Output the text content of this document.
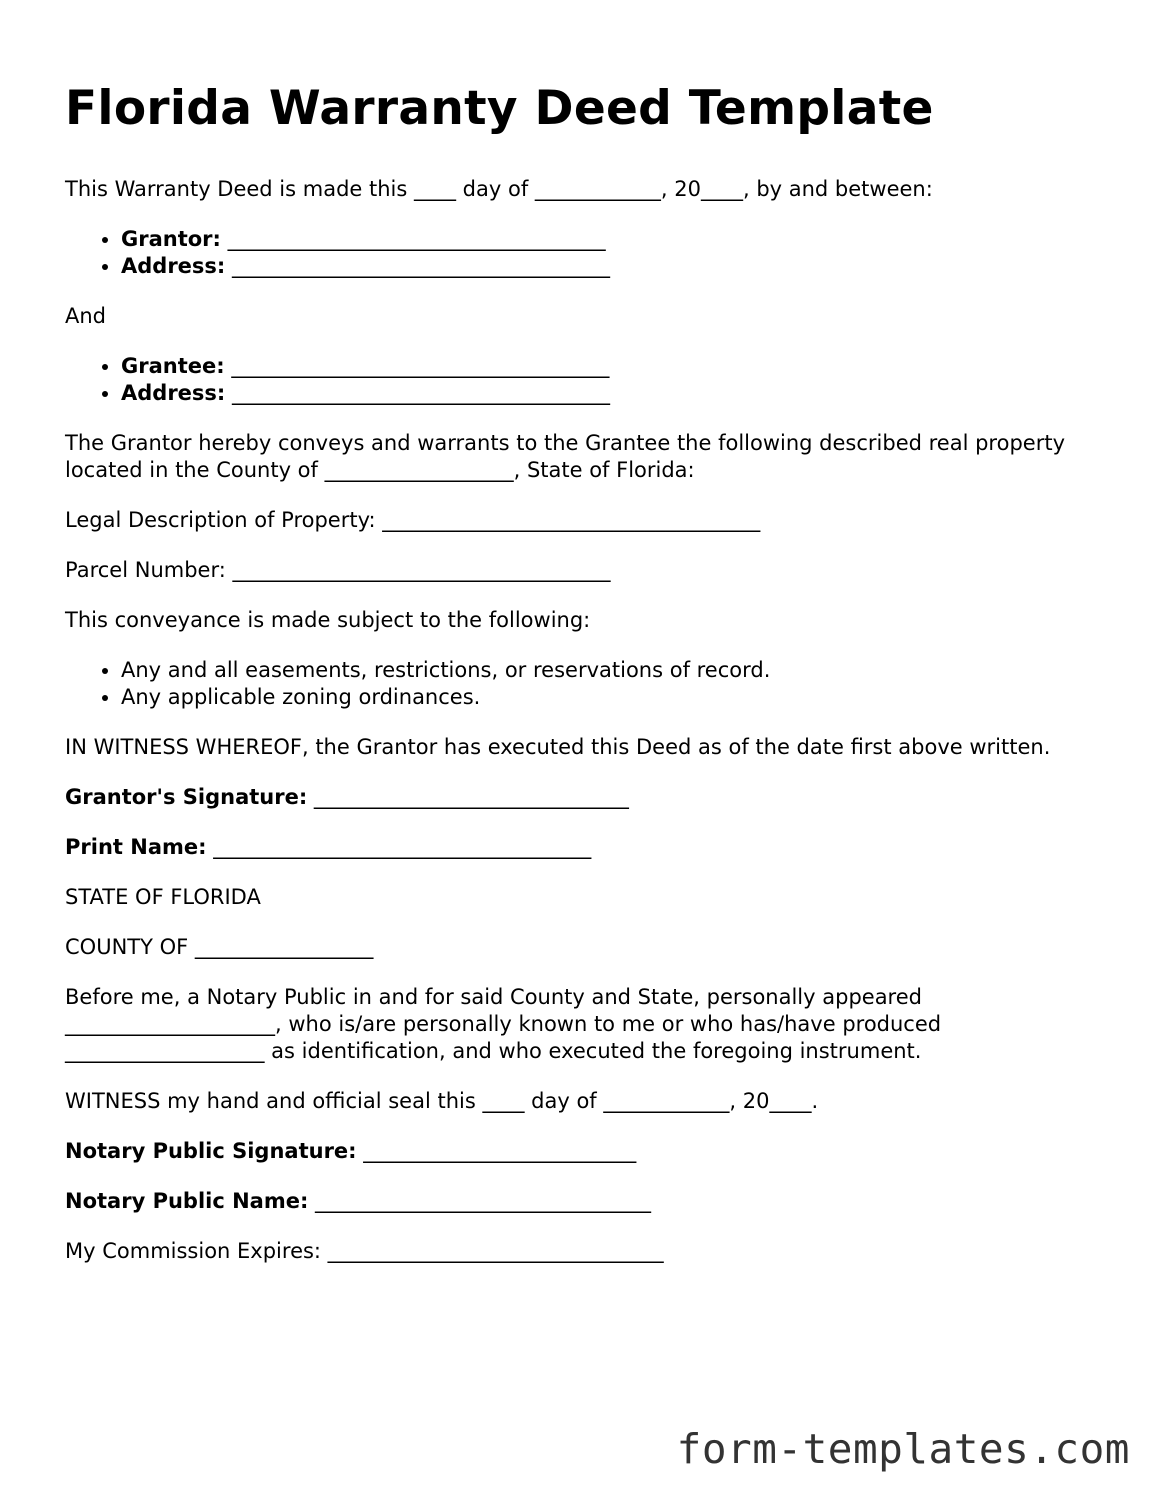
Florida Warranty Deed Template

This Warranty Deed is made this ____ day of ____________, 20____, by and between:

• Grantor: ____________________________________
• Address: ____________________________________

And

• Grantee: ____________________________________
• Address: ____________________________________

The Grantor hereby conveys and warrants to the Grantee the following described real property located in the County of __________________, State of Florida:

Legal Description of Property: ____________________________________

Parcel Number: ____________________________________

This conveyance is made subject to the following:

• Any and all easements, restrictions, or reservations of record.
• Any applicable zoning ordinances.

IN WITNESS WHEREOF, the Grantor has executed this Deed as of the date first above written.

Grantor's Signature: ______________________________

Print Name: ____________________________________

STATE OF FLORIDA

COUNTY OF _________________

Before me, a Notary Public in and for said County and State, personally appeared ____________________, who is/are personally known to me or who has/have produced ___________________ as identification, and who executed the foregoing instrument.

WITNESS my hand and official seal this ____ day of ____________, 20____.

Notary Public Signature: __________________________

Notary Public Name: ________________________________

My Commission Expires: ________________________________

form-templates.com
